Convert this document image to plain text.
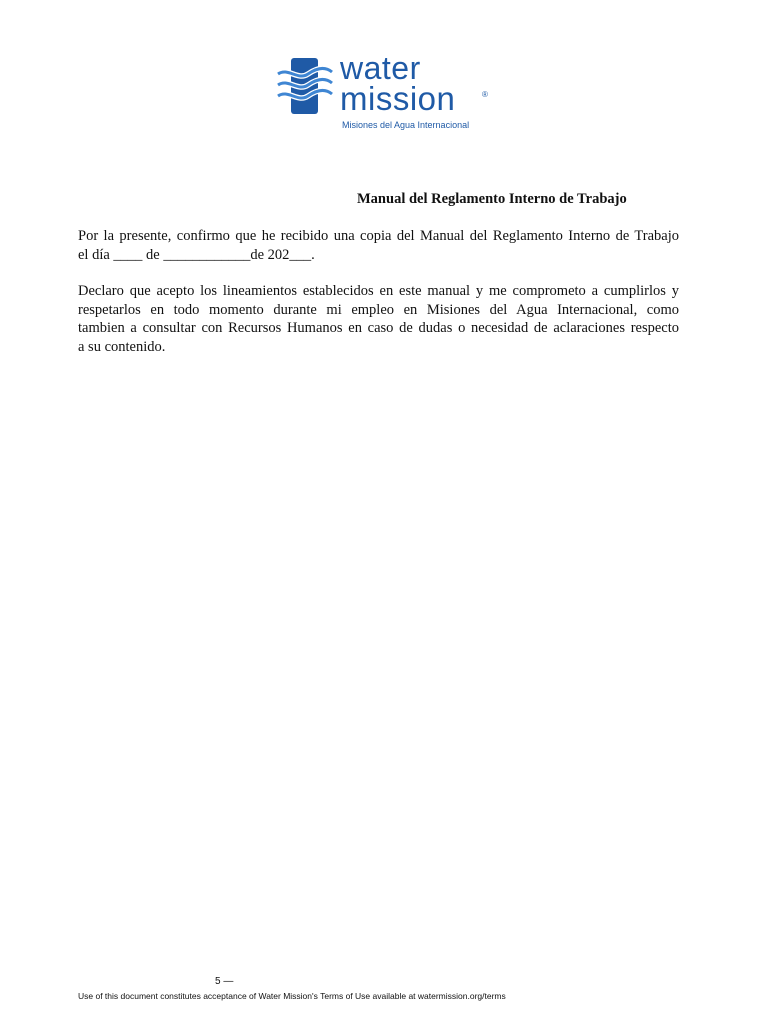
water
mission	®
Misiones del Agua Internacional
Manual del Reglamento Interno de Trabajo
Por la presente, confirmo que he recibido una copia del Manual del Reglamento Interno de Trabajo
el día ____ de ____________de 202___.
Declaro que acepto los lineamientos establecidos en este manual y me comprometo a cumplirlos y
respetarlos en todo momento durante mi empleo en Misiones del Agua Internacional, como
tambien a consultar con Recursos Humanos en caso de dudas o necesidad de aclaraciones respecto
a su contenido.
5 —
Use of this document constitutes acceptance of Water Mission's Terms of Use available at watermission.org/terms
